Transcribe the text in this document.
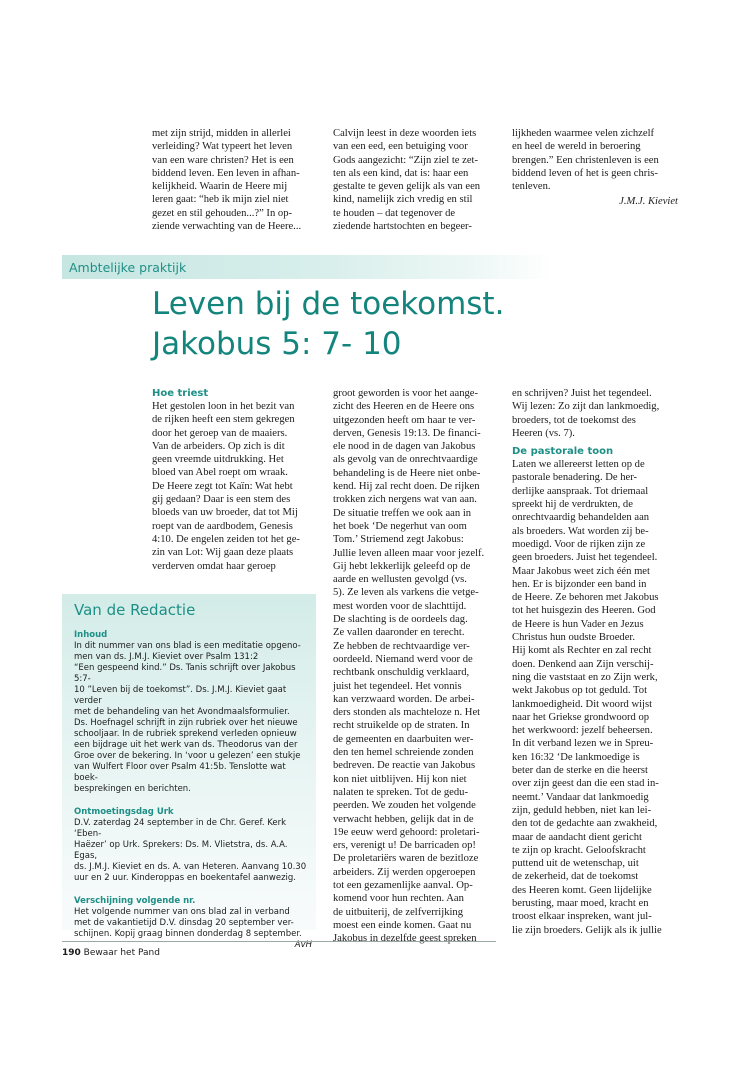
met zijn strijd, midden in allerlei
verleiding? Wat typeert het leven
van een ware christen? Het is een
biddend leven. Een leven in afhan-
kelijkheid. Waarin de Heere mij
leren gaat: “heb ik mijn ziel niet
gezet en stil gehouden...?” In op-
ziende verwachting van de Heere...
Calvijn leest in deze woorden iets
van een eed, een betuiging voor
Gods aangezicht: “Zijn ziel te zet-
ten als een kind, dat is: haar een
gestalte te geven gelijk als van een
kind, namelijk zich vredig en stil
te houden – dat tegenover de
ziedende hartstochten en begeer-
lijkheden waarmee velen zichzelf
en heel de wereld in beroering
brengen.” Een christenleven is een
biddend leven of het is geen chris-
tenleven.

J.M.J. Kieviet

Ambtelijke praktijk
Leven bij de toekomst.
Jakobus 5: 7- 10

Hoe triest

Het gestolen loon in het bezit van
de rijken heeft een stem gekregen
door het geroep van de maaiers.
Van de arbeiders. Op zich is dit
geen vreemde uitdrukking. Het
bloed van Abel roept om wraak.
De Heere zegt tot Kaïn: Wat hebt
gij gedaan? Daar is een stem des
bloeds van uw broeder, dat tot Mij
roept van de aardbodem, Genesis
4:10. De engelen zeiden tot het ge-
zin van Lot: Wij gaan deze plaats
verderven omdat haar geroep
groot geworden is voor het aange-
zicht des Heeren en de Heere ons
uitgezonden heeft om haar te ver-
derven, Genesis 19:13. De financi-
ele nood in de dagen van Jakobus
als gevolg van de onrechtvaardige
behandeling is de Heere niet onbe-
kend. Hij zal recht doen. De rijken
trokken zich nergens wat van aan.
De situatie treffen we ook aan in
het boek ‘De negerhut van oom
Tom.’ Striemend zegt Jakobus:
Jullie leven alleen maar voor jezelf.
Gij hebt lekkerlijk geleefd op de
aarde en wellusten gevolgd (vs.
5). Ze leven als varkens die vetge-
mest worden voor de slachttijd.
De slachting is de oordeels dag.
Ze vallen daaronder en terecht.
Ze hebben de rechtvaardige ver-
oordeeld. Niemand werd voor de
rechtbank onschuldig verklaard,
juist het tegendeel. Het vonnis
kan verzwaard worden. De arbei-
ders stonden als machteloze n. Het
recht struikelde op de straten. In
de gemeenten en daarbuiten wer-
den ten hemel schreiende zonden
bedreven. De reactie van Jakobus
kon niet uitblijven. Hij kon niet
nalaten te spreken. Tot de gedu-
peerden. We zouden het volgende
verwacht hebben, gelijk dat in de
19e eeuw werd gehoord: proletari-
ers, verenigt u! De barricaden op!
De proletariërs waren de bezitloze
arbeiders. Zij werden opgeroepen
tot een gezamenlijke aanval. Op-
komend voor hun rechten. Aan
de uitbuiterij, de zelfverrijking
moest een einde komen. Gaat nu
Jakobus in dezelfde geest spreken
en schrijven? Juist het tegendeel.
Wij lezen: Zo zijt dan lankmoedig,
broeders, tot de toekomst des
Heeren (vs. 7).

De pastorale toon

Laten we allereerst letten op de
pastorale benadering. De her-
derlijke aanspraak. Tot driemaal
spreekt hij de verdrukten, de
onrechtvaardig behandelden aan
als broeders. Wat worden zij be-
moedigd. Voor de rijken zijn ze
geen broeders. Juist het tegendeel.
Maar Jakobus weet zich één met
hen. Er is bijzonder een band in
de Heere. Ze behoren met Jakobus
tot het huisgezin des Heeren. God
de Heere is hun Vader en Jezus
Christus hun oudste Broeder.
Hij komt als Rechter en zal recht
doen. Denkend aan Zijn verschij-
ning die vaststaat en zo Zijn werk,
wekt Jakobus op tot geduld. Tot
lankmoedigheid. Dit woord wijst
naar het Griekse grondwoord op
het werkwoord: jezelf beheersen.
In dit verband lezen we in Spreu-
ken 16:32 ‘De lankmoedige is
beter dan de sterke en die heerst
over zijn geest dan die een stad in-
neemt.’ Vandaar dat lankmoedig
zijn, geduld hebben, niet kan lei-
den tot de gedachte aan zwakheid,
maar de aandacht dient gericht
te zijn op kracht. Geloofskracht
puttend uit de wetenschap, uit
de zekerheid, dat de toekomst
des Heeren komt. Geen lijdelijke
berusting, maar moed, kracht en
troost elkaar inspreken, want jul-
lie zijn broeders. Gelijk als ik jullie
Van de Redactie

Inhoud

In dit nummer van ons blad is een meditatie opgeno-
men van ds. J.M.J. Kieviet over Psalm 131:2
“Een gespeend kind.” Ds. Tanis schrijft over Jakobus 5:7-
10 ”Leven bij de toekomst”. Ds. J.M.J. Kieviet gaat verder
met de behandeling van het Avondmaalsformulier.
Ds. Hoefnagel schrijft in zijn rubriek over het nieuwe
schooljaar. In de rubriek sprekend verleden opnieuw
een bijdrage uit het werk van ds. Theodorus van der
Groe over de bekering. In ‘voor u gelezen’ een stukje
van Wulfert Floor over Psalm 41:5b. Tenslotte wat boek-
besprekingen en berichten.

Ontmoetingsdag Urk

D.V. zaterdag 24 september in de Chr. Geref. Kerk ‘Eben-
Haëzer’ op Urk. Sprekers: Ds. M. Vlietstra, ds. A.A. Egas,
ds. J.M.J. Kieviet en ds. A. van Heteren. Aanvang 10.30
uur en 2 uur. Kinderoppas en boekentafel aanwezig.

Verschijning volgende nr.

Het volgende nummer van ons blad zal in verband
met de vakantietijd D.V. dinsdag 20 september ver-
schijnen. Kopij graag binnen donderdag 8 september.

AvH

190 Bewaar het Pand
